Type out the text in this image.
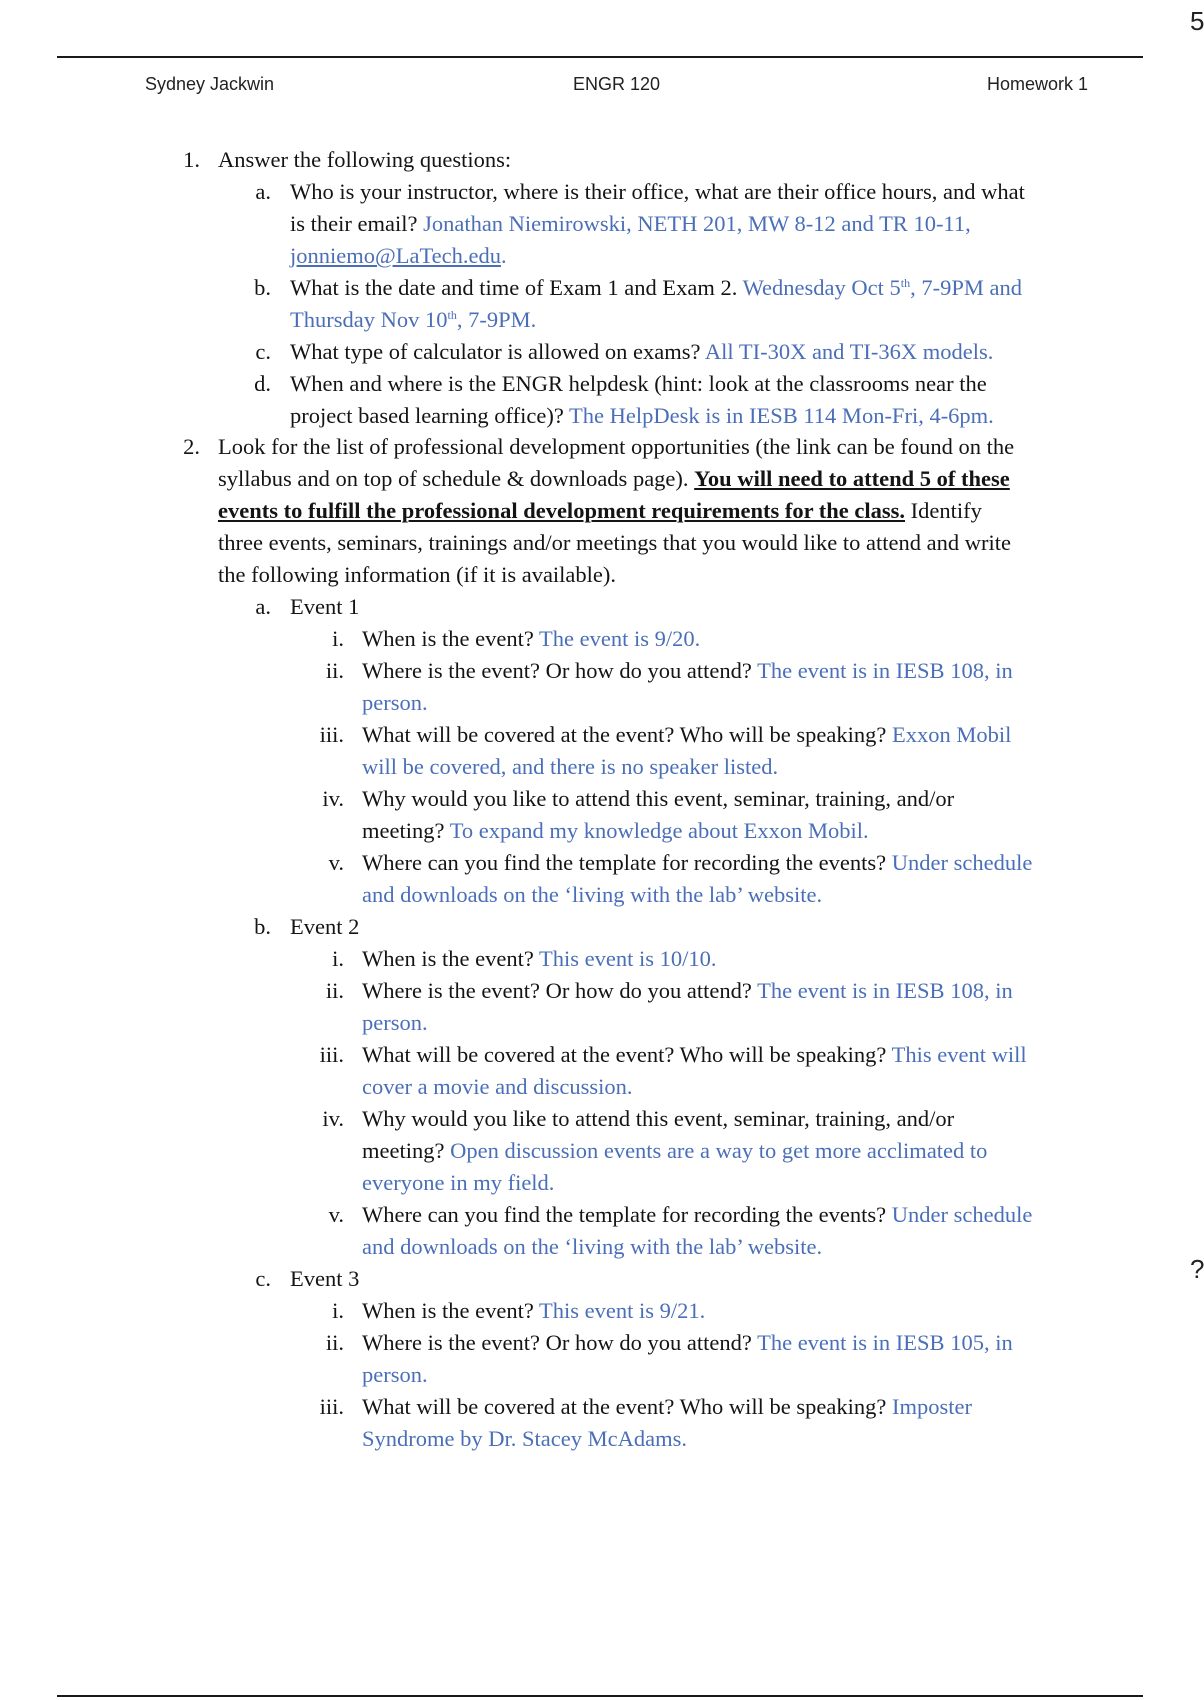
Sydney Jackwin	ENGR 120	Homework 1
1. Answer the following questions:
a. Who is your instructor, where is their office, what are their office hours, and what
is their email? Jonathan Niemirowski, NETH 201, MW 8-12 and TR 10-11,
jonniemo@LaTech.edu.
b. What is the date and time of Exam 1 and Exam 2. Wednesday Oct 5th, 7-9PM and
Thursday Nov 10th, 7-9PM.
c. What type of calculator is allowed on exams? All TI-30X and TI-36X models.
d. When and where is the ENGR helpdesk (hint: look at the classrooms near the
project based learning office)? The HelpDesk is in IESB 114 Mon-Fri, 4-6pm.
2. Look for the list of professional development opportunities (the link can be found on the
syllabus and on top of schedule & downloads page). You will need to attend 5 of these
events to fulfill the professional development requirements for the class. Identify
three events, seminars, trainings and/or meetings that you would like to attend and write
the following information (if it is available).
a. Event 1
i. When is the event? The event is 9/20.
ii. Where is the event? Or how do you attend? The event is in IESB 108, in
person.
iii. What will be covered at the event? Who will be speaking? Exxon Mobil
will be covered, and there is no speaker listed.
iv. Why would you like to attend this event, seminar, training, and/or
meeting? To expand my knowledge about Exxon Mobil.
v. Where can you find the template for recording the events? Under schedule
and downloads on the ‘living with the lab’ website.
b. Event 2
i. When is the event? This event is 10/10.
ii. Where is the event? Or how do you attend? The event is in IESB 108, in
person.
iii. What will be covered at the event? Who will be speaking? This event will
cover a movie and discussion.
iv. Why would you like to attend this event, seminar, training, and/or
meeting? Open discussion events are a way to get more acclimated to
everyone in my field.
v. Where can you find the template for recording the events? Under schedule
and downloads on the ‘living with the lab’ website.
c. Event 3
i. When is the event? This event is 9/21.
ii. Where is the event? Or how do you attend? The event is in IESB 105, in
person.
iii. What will be covered at the event? Who will be speaking? Imposter
Syndrome by Dr. Stacey McAdams.
5
?
